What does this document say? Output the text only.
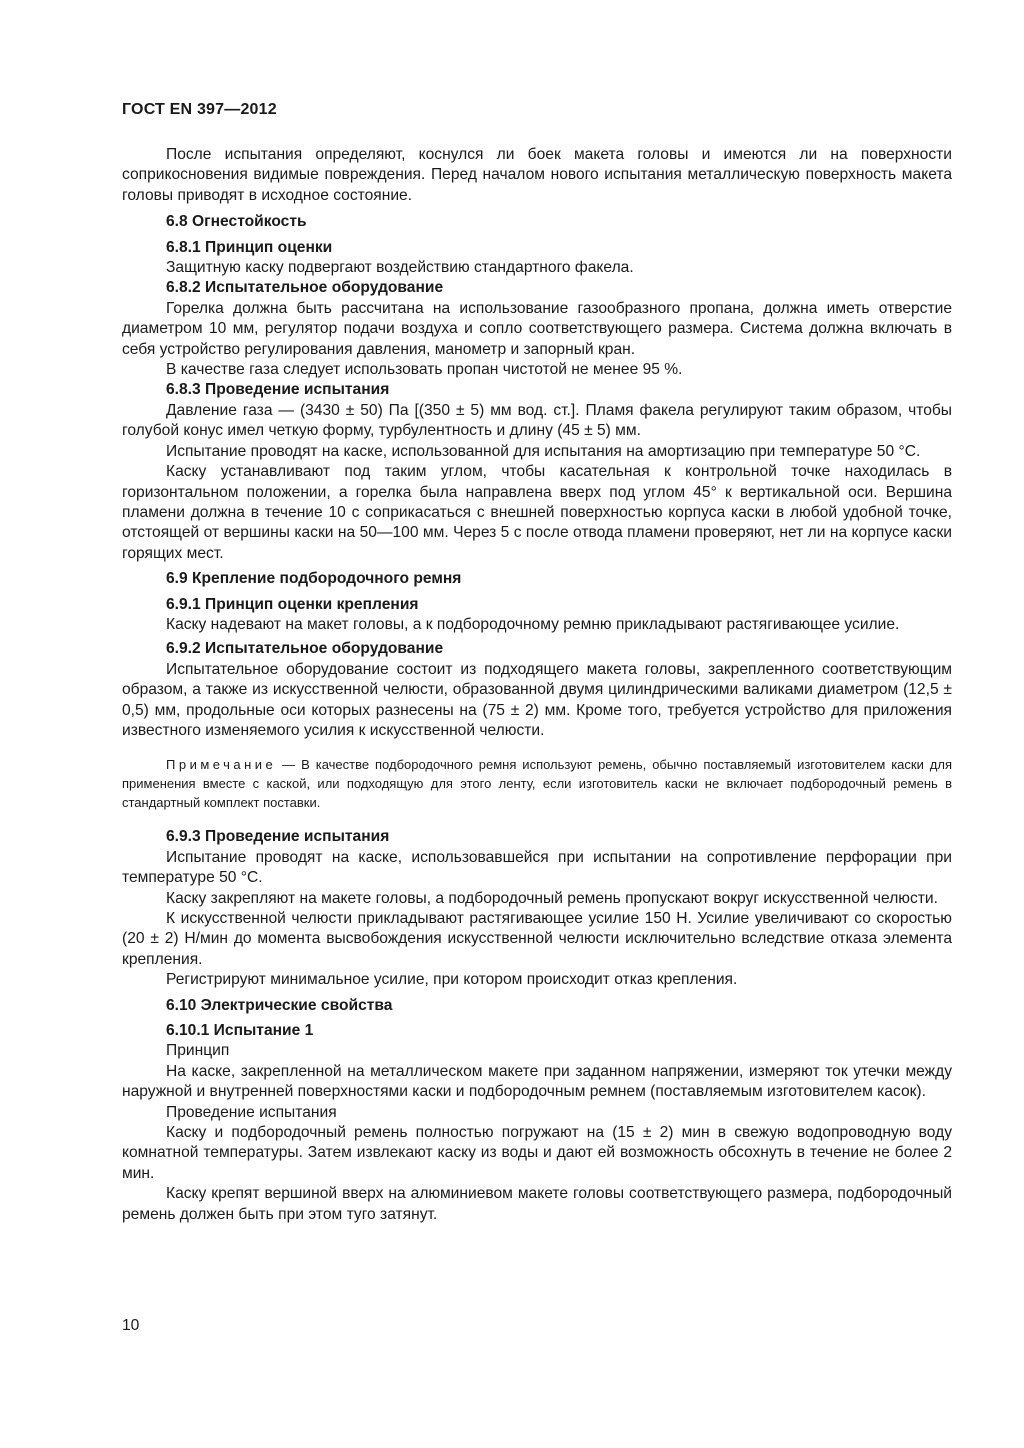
ГОСТ EN 397—2012

После испытания определяют, коснулся ли боек макета головы и имеются ли на поверхности соприкосновения видимые повреждения. Перед началом нового испытания металлическую поверхность макета головы приводят в исходное состояние.

6.8 Огнестойкость
6.8.1 Принцип оценки

Защитную каску подвергают воздействию стандартного факела.

6.8.2 Испытательное оборудование

Горелка должна быть рассчитана на использование газообразного пропана, должна иметь отверстие диаметром 10 мм, регулятор подачи воздуха и сопло соответствующего размера. Система должна включать в себя устройство регулирования давления, манометр и запорный кран.

В качестве газа следует использовать пропан чистотой не менее 95 %.

6.8.3 Проведение испытания

Давление газа — (3430 ± 50) Па [(350 ± 5) мм вод. ст.]. Пламя факела регулируют таким образом, чтобы голубой конус имел четкую форму, турбулентность и длину (45 ± 5) мм.

Испытание проводят на каске, использованной для испытания на амортизацию при температуре 50 °С.

Каску устанавливают под таким углом, чтобы касательная к контрольной точке находилась в горизонтальном положении, а горелка была направлена вверх под углом 45° к вертикальной оси. Вершина пламени должна в течение 10 с соприкасаться с внешней поверхностью корпуса каски в любой удобной точке, отстоящей от вершины каски на 50—100 мм. Через 5 с после отвода пламени проверяют, нет ли на корпусе каски горящих мест.

6.9 Крепление подбородочного ремня
6.9.1 Принцип оценки крепления

Каску надевают на макет головы, а к подбородочному ремню прикладывают растягивающее усилие.

6.9.2 Испытательное оборудование

Испытательное оборудование состоит из подходящего макета головы, закрепленного соответствующим образом, а также из искусственной челюсти, образованной двумя цилиндрическими валиками диаметром (12,5 ± 0,5) мм, продольные оси которых разнесены на (75 ± 2) мм. Кроме того, требуется устройство для приложения известного изменяемого усилия к искусственной челюсти.

Примечание — В качестве подбородочного ремня используют ремень, обычно поставляемый изготовителем каски для применения вместе с каской, или подходящую для этого ленту, если изготовитель каски не включает подбородочный ремень в стандартный комплект поставки.
6.9.3 Проведение испытания

Испытание проводят на каске, использовавшейся при испытании на сопротивление перфорации при температуре 50 °С.

Каску закрепляют на макете головы, а подбородочный ремень пропускают вокруг искусственной челюсти.

К искусственной челюсти прикладывают растягивающее усилие 150 Н. Усилие увеличивают со скоростью (20 ± 2) Н/мин до момента высвобождения искусственной челюсти исключительно вследствие отказа элемента крепления.

Регистрируют минимальное усилие, при котором происходит отказ крепления.

6.10 Электрические свойства
6.10.1 Испытание 1

Принцип

На каске, закрепленной на металлическом макете при заданном напряжении, измеряют ток утечки между наружной и внутренней поверхностями каски и подбородочным ремнем (поставляемым изготовителем касок).

Проведение испытания

Каску и подбородочный ремень полностью погружают на (15 ± 2) мин в свежую водопроводную воду комнатной температуры. Затем извлекают каску из воды и дают ей возможность обсохнуть в течение не более 2 мин.

Каску крепят вершиной вверх на алюминиевом макете головы соответствующего размера, подбородочный ремень должен быть при этом туго затянут.

10
